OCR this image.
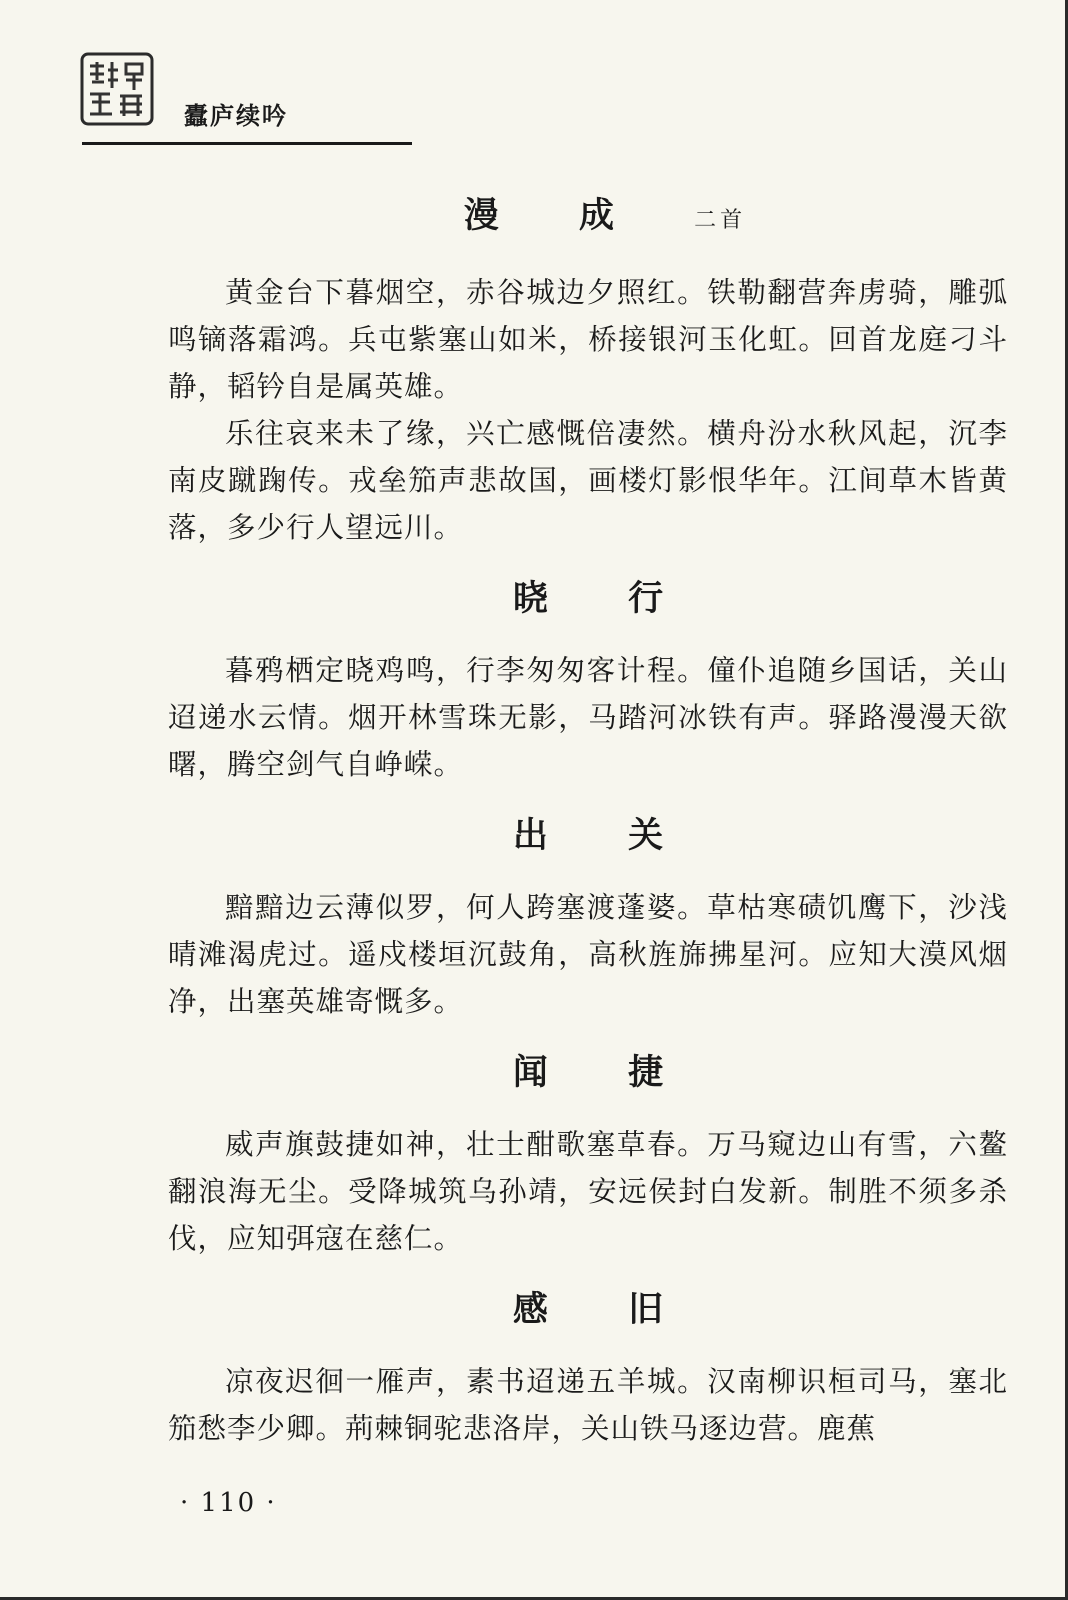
蠹庐续吟
漫 成 二首

黄金台下暮烟空，赤谷城边夕照红。铁勒翻营奔虏骑，雕弧鸣镝落霜鸿。兵屯紫塞山如米，桥接银河玉化虹。回首龙庭刁斗静，韬钤自是属英雄。

乐往哀来未了缘，兴亡感慨倍凄然。横舟汾水秋风起，沉李南皮蹴踘传。戎垒笳声悲故国，画楼灯影恨华年。江间草木皆黄落，多少行人望远川。

晓 行

暮鸦栖定晓鸡鸣，行李匆匆客计程。僮仆追随乡国话，关山迢递水云情。烟开林雪珠无影，马踏河冰铁有声。驿路漫漫天欲曙，腾空剑气自峥嵘。

出 关

黯黯边云薄似罗，何人跨塞渡蓬婆。草枯寒碛饥鹰下，沙浅晴滩渴虎过。遥戍楼垣沉鼓角，高秋旌旆拂星河。应知大漠风烟净，出塞英雄寄慨多。

闻 捷

威声旗鼓捷如神，壮士酣歌塞草春。万马窥边山有雪，六鳌翻浪海无尘。受降城筑乌孙靖，安远侯封白发新。制胜不须多杀伐，应知弭寇在慈仁。

感 旧

凉夜迟徊一雁声，素书迢递五羊城。汉南柳识桓司马，塞北笳愁李少卿。荊棘铜驼悲洛岸，关山铁马逐边营。鹿蕉

· 110 ·
